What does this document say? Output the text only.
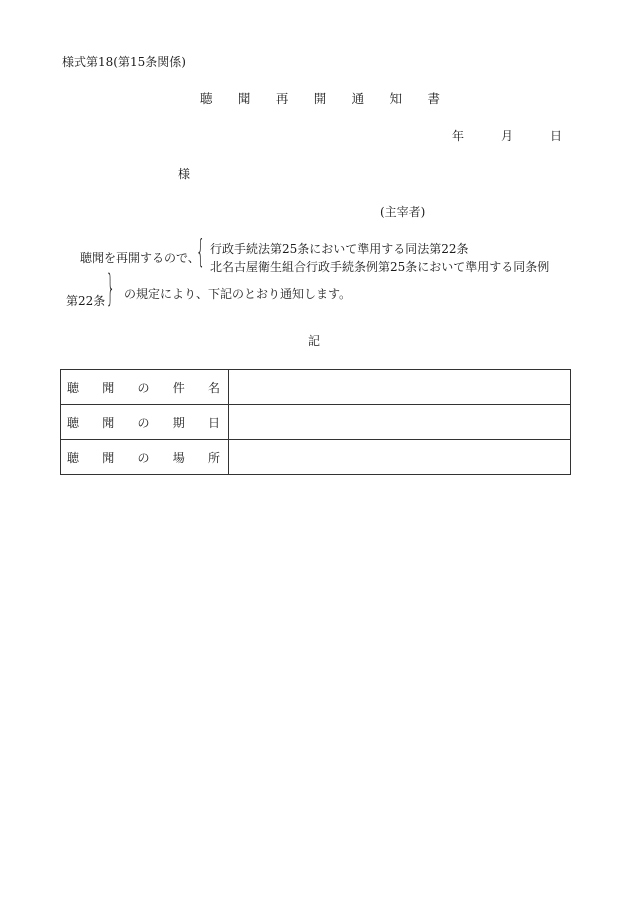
様式第18(第15条関係)
聴 聞 再 開 通 知 書
年	月	日
様
(主宰者)
聴聞を再開するので、
{ 行政手続法第25条において準用する同法第22条
北名古屋衛生組合行政手続条例第25条において準用する同条例
第22条 } の規定により、下記のとおり通知します。
記
聴 聞 の 件 名	

聴 聞 の 期 日	

聴 聞 の 場 所	
